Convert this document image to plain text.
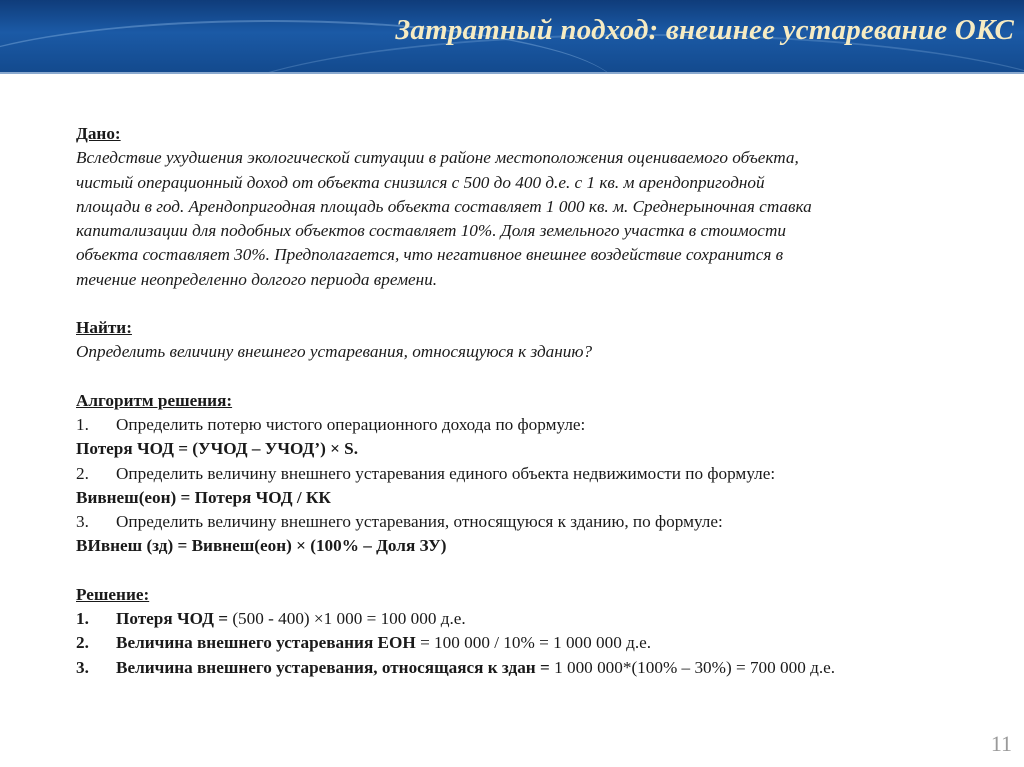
Затратный подход: внешнее устаревание ОКС
Дано:
Вследствие ухудшения экологической ситуации в районе местоположения оцениваемого объекта,
чистый операционный доход от объекта снизился с 500 до 400 д.е. с 1 кв. м арендопригодной
площади в год. Арендопригодная площадь объекта составляет 1 000 кв. м. Среднерыночная ставка
капитализации для подобных объектов составляет 10%. Доля земельного участка в стоимости
объекта составляет 30%. Предполагается, что негативное внешнее воздействие сохранится в
течение неопределенно долгого периода времени.
Найти:
Определить величину внешнего устаревания, относящуюся к зданию?
Алгоритм решения:
1.	Определить потерю чистого операционного дохода по формуле:
Потеря ЧОД = (УЧОД – УЧОД’) × S.
2.	Определить величину внешнего устаревания единого объекта недвижимости по формуле:
Вивнеш(еон) = Потеря ЧОД / КК
3.	Определить величину внешнего устаревания, относящуюся к зданию, по формуле:
ВИвнеш (зд) = Вивнеш(еон) × (100% – Доля ЗУ)
Решение:
1.	Потеря ЧОД = (500 - 400) ×1 000 = 100 000 д.е.
2.	Величина внешнего устаревания ЕОН = 100 000 / 10% = 1 000 000 д.е.
3.	Величина внешнего устаревания, относящаяся к здан = 1 000 000*(100% – 30%) = 700 000 д.е.
11
